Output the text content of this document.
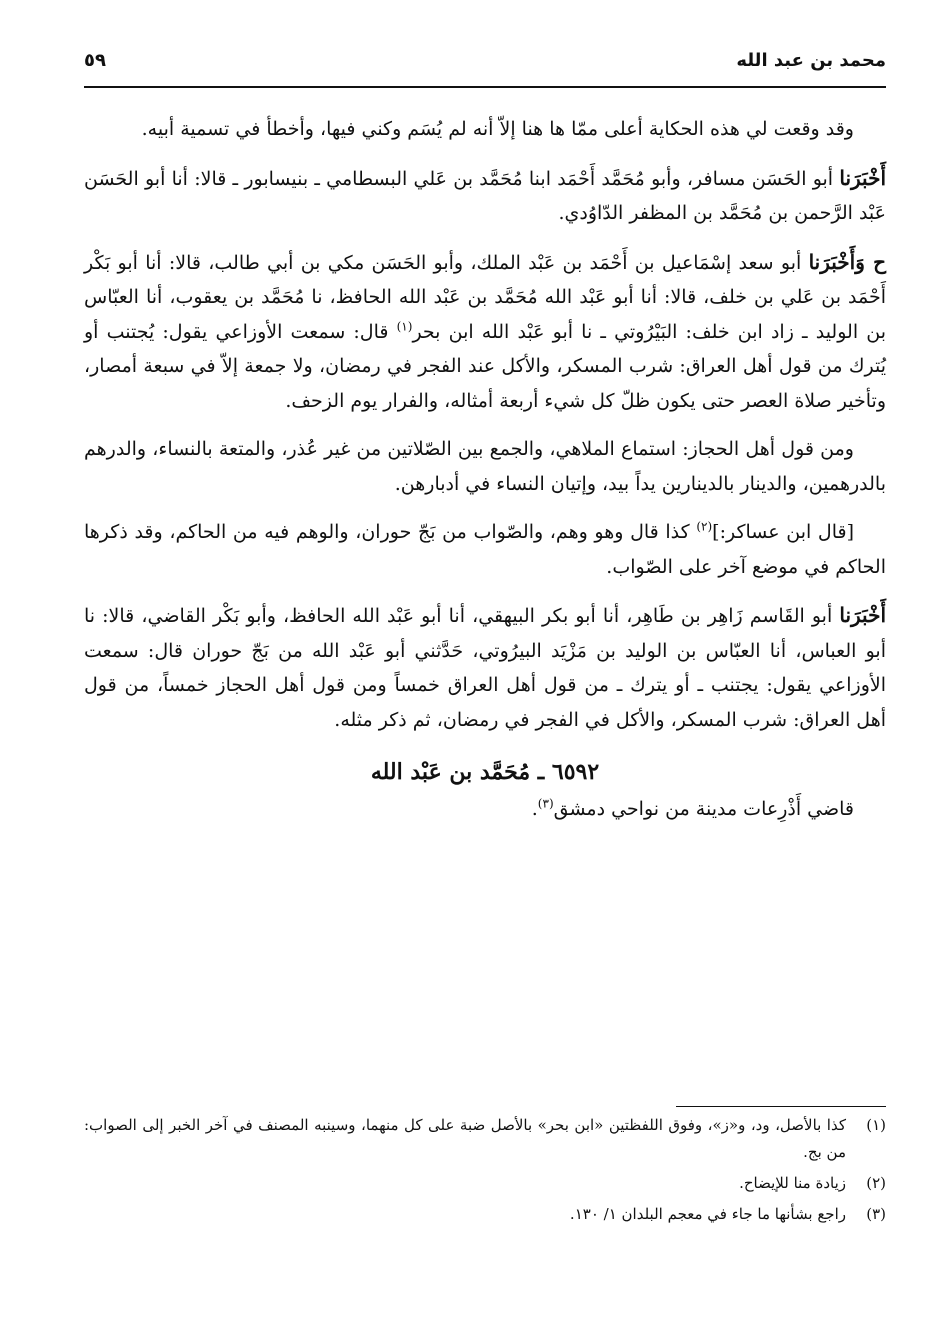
محمد بن عبد الله
٥٩

وقد وقعت لي هذه الحكاية أعلى ممّا ها هنا إلاّ أنه لم يُسَم وكني فيها، وأخطأ في تسمية أبيه.

أَخْبَرَنا أبو الحَسَن مسافر، وأبو مُحَمَّد أَحْمَد ابنا مُحَمَّد بن عَلي البسطامي ـ بنيسابور ـ قالا: أنا أبو الحَسَن عَبْد الرَّحمن بن مُحَمَّد بن المظفر الدّاوُدي.

ح وَأَخْبَرَنا أبو سعد إسْمَاعيل بن أَحْمَد بن عَبْد الملك، وأبو الحَسَن مكي بن أبي طالب، قالا: أنا أبو بَكْر أَحْمَد بن عَلي بن خلف، قالا: أنا أبو عَبْد الله مُحَمَّد بن عَبْد الله الحافظ، نا مُحَمَّد بن يعقوب، أنا العبّاس بن الوليد ـ زاد ابن خلف: البَيْرُوتي ـ نا أبو عَبْد الله ابن بحر$^{(١)}$ قال: سمعت الأوزاعي يقول: يُجتنب أو يُترك من قول أهل العراق: شرب المسكر، والأكل عند الفجر في رمضان، ولا جمعة إلاّ في سبعة أمصار، وتأخير صلاة العصر حتى يكون ظلّ كل شيء أربعة أمثاله، والفرار يوم الزحف.

ومن قول أهل الحجاز: استماع الملاهي، والجمع بين الصّلاتين من غير عُذر، والمتعة بالنساء، والدرهم بالدرهمين، والدينار بالدينارين يداً بيد، وإتيان النساء في أدبارهن.

[قال ابن عساكر:]$^{(٢)}$ كذا قال وهو وهم، والصّواب من بَجّ حوران، والوهم فيه من الحاكم، وقد ذكرها الحاكم في موضع آخر على الصّواب.

أَخْبَرَنا أبو القَاسم زَاهِر بن طَاهِر، أنا أبو بكر البيهقي، أنا أبو عَبْد الله الحافظ، وأبو بَكْر القاضي، قالا: نا أبو العباس، أنا العبّاس بن الوليد بن مَزْيَد البيرُوتي، حَدَّثني أبو عَبْد الله من بَجّ حوران قال: سمعت الأوزاعي يقول: يجتنب ـ أو يترك ـ من قول أهل العراق خمساً ومن قول أهل الحجاز خمساً، من قول أهل العراق: شرب المسكر، والأكل في الفجر في رمضان، ثم ذكر مثله.

٦٥٩٢ ـ مُحَمَّد بن عَبْد الله

قاضي أَذْرِعات مدينة من نواحي دمشق$^{(٣)}$.

(١)
كذا بالأصل، ود، و«ز»، وفوق اللفظتين «ابن بحر» بالأصل ضبة على كل منهما، وسينبه المصنف في آخر الخبر إلى الصواب: من بج.
(٢)
زيادة منا للإيضاح.
(٣)
راجع بشأنها ما جاء في معجم البلدان ١/ ١٣٠.
